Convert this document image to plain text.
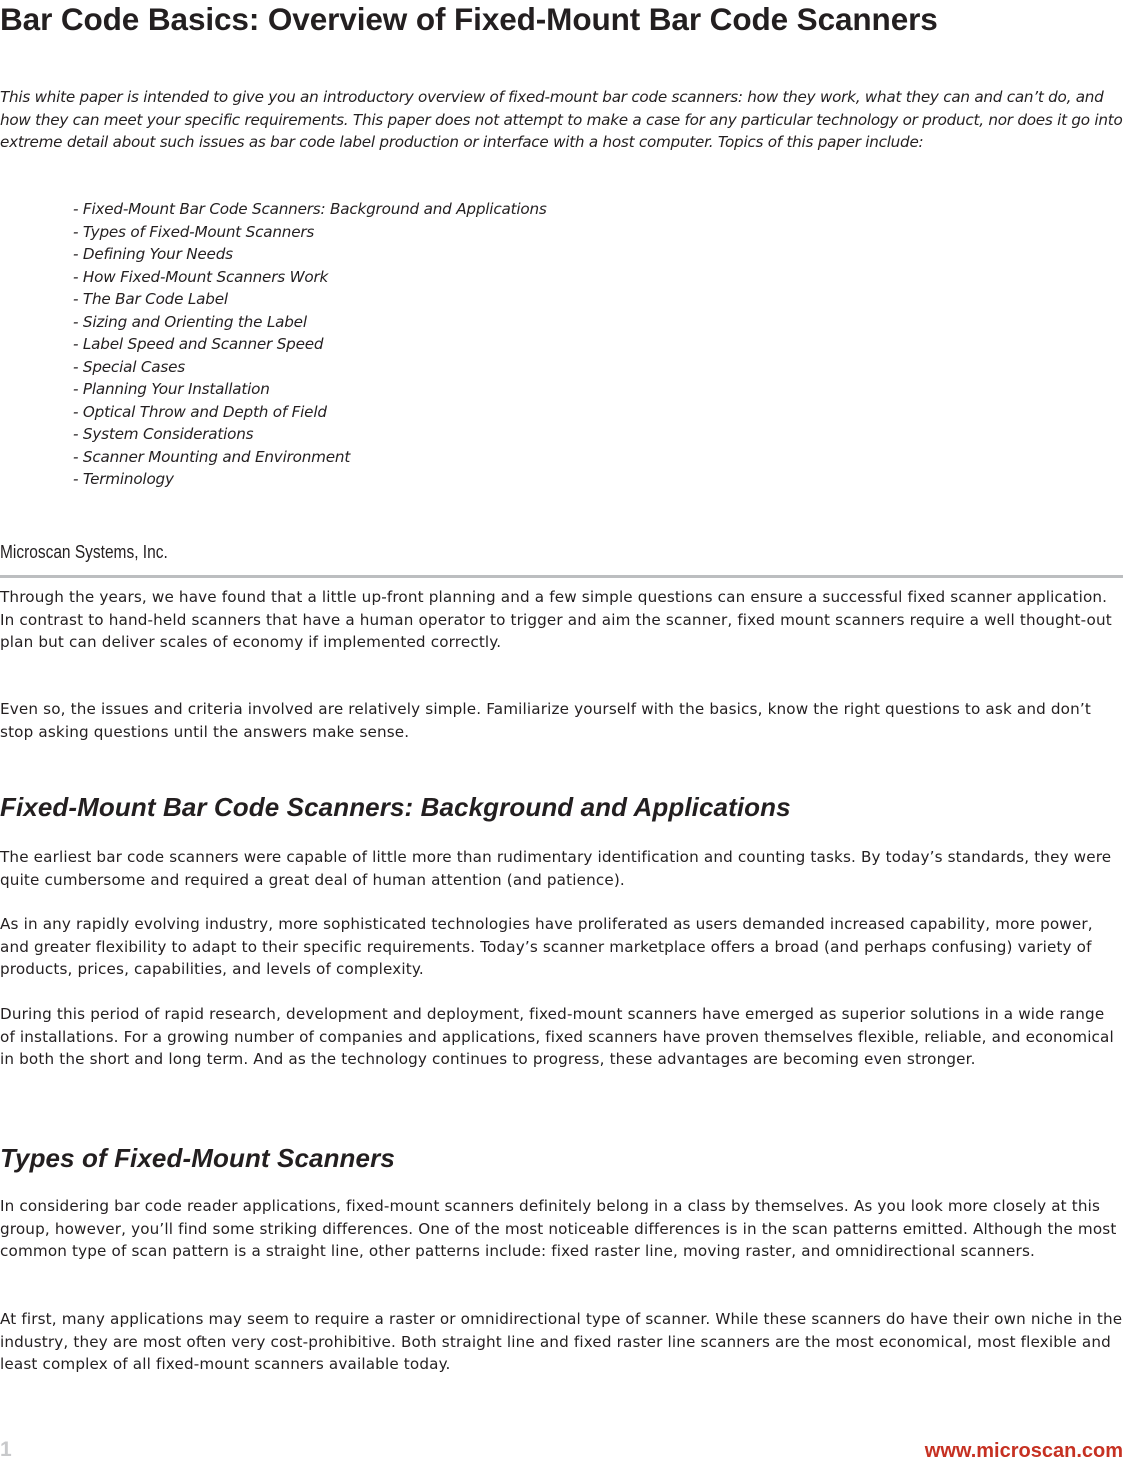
Bar Code Basics: Overview of Fixed-Mount Bar Code Scanners

This white paper is intended to give you an introductory overview of fixed-mount bar code scanners: how they work, what they can and can’t do, and how they can meet your specific requirements. This paper does not attempt to make a case for any particular technology or product, nor does it go into extreme detail about such issues as bar code label production or interface with a host computer. Topics of this paper include:

- Fixed-Mount Bar Code Scanners: Background and Applications
- Types of Fixed-Mount Scanners
- Defining Your Needs
- How Fixed-Mount Scanners Work
- The Bar Code Label
- Sizing and Orienting the Label
- Label Speed and Scanner Speed
- Special Cases
- Planning Your Installation
- Optical Throw and Depth of Field
- System Considerations
- Scanner Mounting and Environment
- Terminology

Microscan Systems, Inc.

Through the years, we have found that a little up-front planning and a few simple questions can ensure a successful fixed scanner application. In contrast to hand-held scanners that have a human operator to trigger and aim the scanner, fixed mount scanners require a well thought-out plan but can deliver scales of economy if implemented correctly.

Even so, the issues and criteria involved are relatively simple. Familiarize yourself with the basics, know the right questions to ask and don’t stop asking questions until the answers make sense.

Fixed-Mount Bar Code Scanners: Background and Applications

The earliest bar code scanners were capable of little more than rudimentary identification and counting tasks. By today’s standards, they were quite cumbersome and required a great deal of human attention (and patience).

As in any rapidly evolving industry, more sophisticated technologies have proliferated as users demanded increased capability, more power, and greater flexibility to adapt to their specific requirements. Today’s scanner marketplace offers a broad (and perhaps confusing) variety of products, prices, capabilities, and levels of complexity.

During this period of rapid research, development and deployment, fixed-mount scanners have emerged as superior solutions in a wide range of installations. For a growing number of companies and applications, fixed scanners have proven themselves flexible, reliable, and economical in both the short and long term. And as the technology continues to progress, these advantages are becoming even stronger.

Types of Fixed-Mount Scanners

In considering bar code reader applications, fixed-mount scanners definitely belong in a class by themselves. As you look more closely at this group, however, you’ll find some striking differences. One of the most noticeable differences is in the scan patterns emitted. Although the most common type of scan pattern is a straight line, other patterns include: fixed raster line, moving raster, and omnidirectional scanners.

At first, many applications may seem to require a raster or omnidirectional type of scanner. While these scanners do have their own niche in the industry, they are most often very cost-prohibitive. Both straight line and fixed raster line scanners are the most economical, most flexible and least complex of all fixed-mount scanners available today.

1	www.microscan.com
